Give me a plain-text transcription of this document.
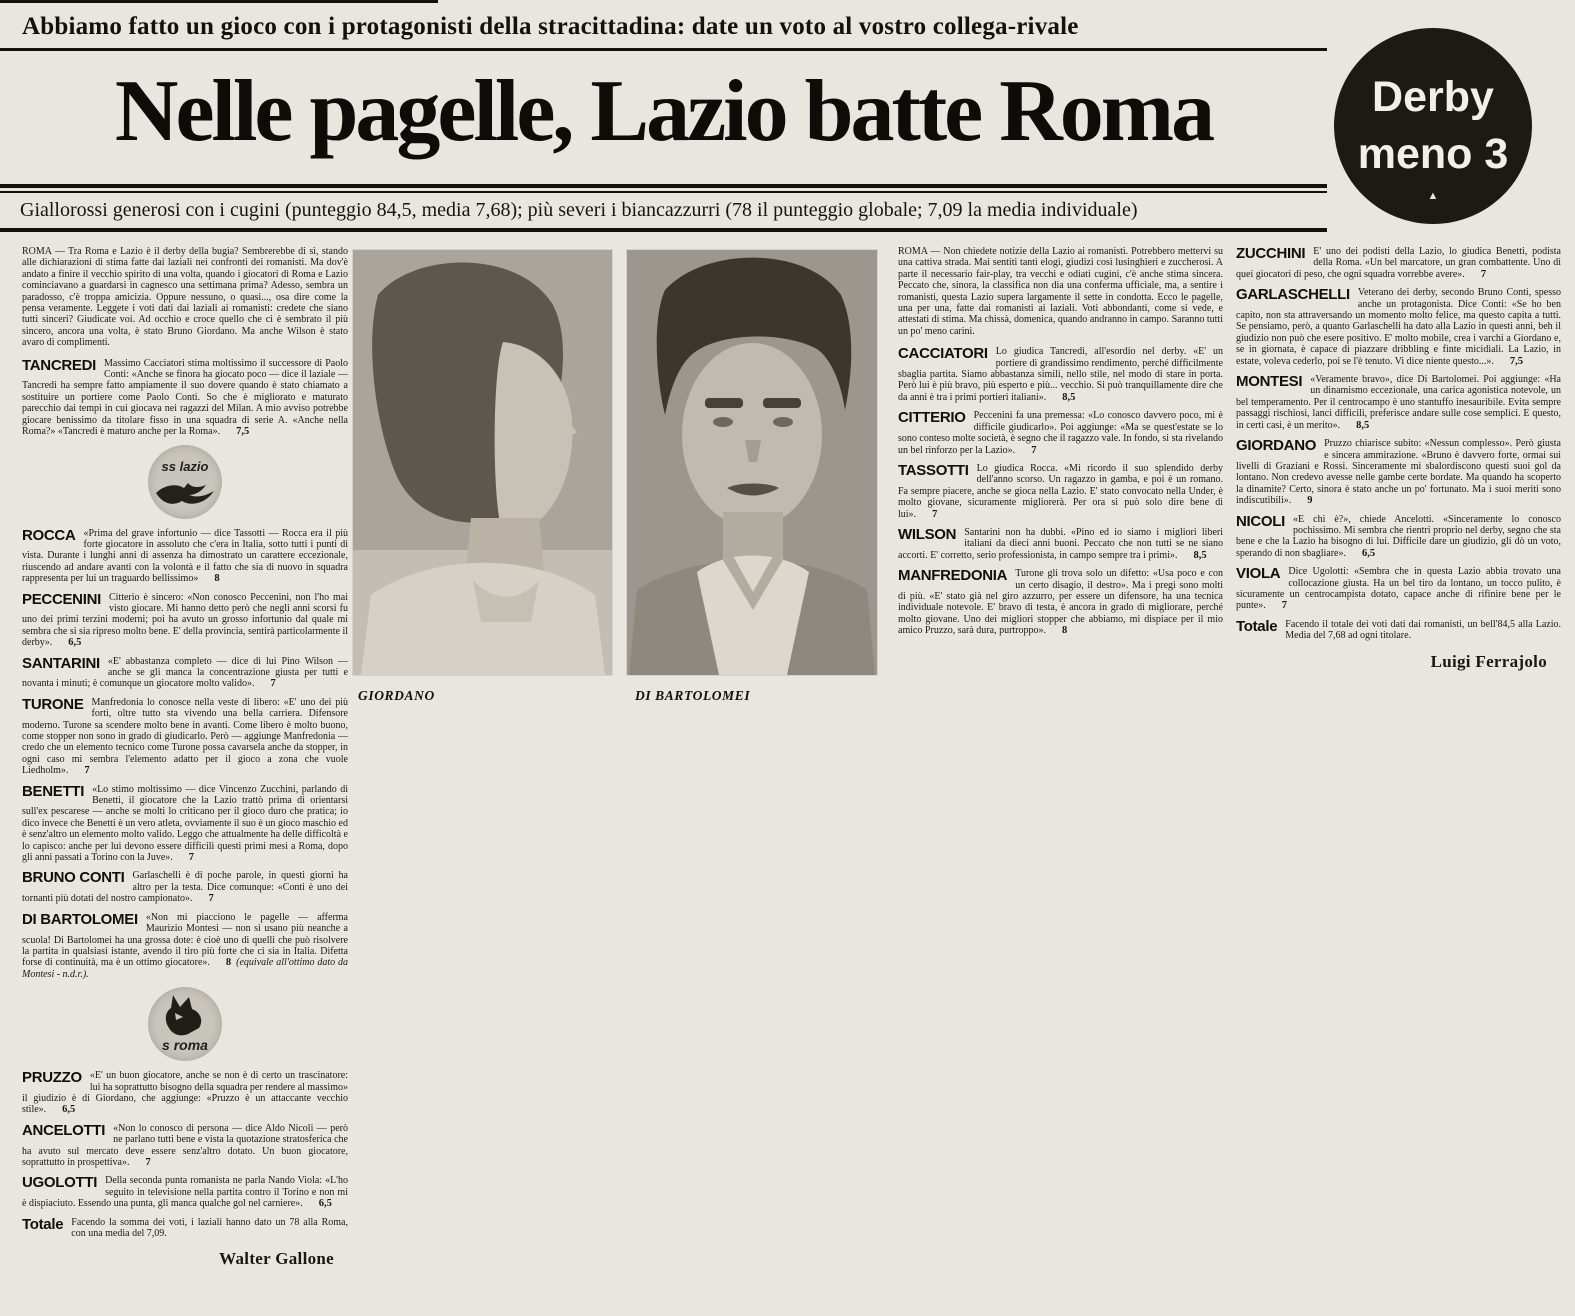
Abbiamo fatto un gioco con i protagonisti della stracittadina: date un voto al vostro collega-rivale
Nelle pagelle, Lazio batte Roma
Giallorossi generosi con i cugini (punteggio 84,5, media 7,68); più severi i biancazzurri (78 il punteggio globale; 7,09 la media individuale)
Derby
meno 3
▲

ROMA — Tra Roma e Lazio è il derby della bugia? Sembrerebbe di sì, stando alle dichiarazioni di stima fatte dai laziali nei confronti dei romanisti. Ma dov'è andato a finire il vecchio spirito di una volta, quando i giocatori di Roma e Lazio cominciavano a guardarsi in cagnesco una settimana prima? Adesso, sembra un paradosso, c'è troppa amicizia. Oppure nessuno, o quasi..., osa dire come la pensa veramente. Leggete i voti dati dai laziali ai romanisti: credete che siano tutti sinceri? Giudicate voi. Ad occhio e croce quello che ci è sembrato il più sincero, ancora una volta, è stato Bruno Giordano. Ma anche Wilson è stato avaro di complimenti.

TANCREDI Massimo Cacciatori stima moltissimo il successore di Paolo Conti: «Anche se finora ha giocato poco — dice il laziale — Tancredi ha sempre fatto ampiamente il suo dovere quando è stato chiamato a sostituire un portiere come Paolo Conti. So che è migliorato e maturato parecchio dai tempi in cui giocava nei ragazzi del Milan. A mio avviso potrebbe giocare benissimo da titolare fisso in una squadra di serie A. «Anche nella Roma?» «Tancredi è maturo anche per la Roma». 7,5
ss lazio
ROCCA «Prima del grave infortunio — dice Tassotti — Rocca era il più forte giocatore in assoluto che c'era in Italia, sotto tutti i punti di vista. Durante i lunghi anni di assenza ha dimostrato un carattere eccezionale, riuscendo ad andare avanti con la volontà e il fatto che sia di nuovo in squadra rappresenta per lui un traguardo bellissimo» 8
PECCENINI Citterio è sincero: «Non conosco Peccenini, non l'ho mai visto giocare. Mi hanno detto però che negli anni scorsi fu uno dei primi terzini moderni; poi ha avuto un grosso infortunio dal quale mi sembra che si sia ripreso molto bene. E' della provincia, sentirà particolarmente il derby». 6,5
SANTARINI «E' abbastanza completo — dice di lui Pino Wilson — anche se gli manca la concentrazione giusta per tutti e novanta i minuti; è comunque un giocatore molto valido». 7
TURONE Manfredonia lo conosce nella veste di libero: «E' uno dei più forti, oltre tutto sta vivendo una bella carriera. Difensore moderno. Turone sa scendere molto bene in avanti. Come libero è molto buono, come stopper non sono in grado di giudicarlo. Però — aggiunge Manfredonia — credo che un elemento tecnico come Turone possa cavarsela anche da stopper, in ogni caso mi sembra l'elemento adatto per il gioco a zona che vuole Liedholm». 7
BENETTI «Lo stimo moltissimo — dice Vincenzo Zucchini, parlando di Benetti, il giocatore che la Lazio trattò prima di orientarsi sull'ex pescarese — anche se molti lo criticano per il gioco duro che pratica; io dico invece che Benetti è un vero atleta, ovviamente il suo è un gioco maschio ed è senz'altro un elemento molto valido. Leggo che attualmente ha delle difficoltà e lo capisco: anche per lui devono essere difficili questi primi mesi a Roma, dopo gli anni passati a Torino con la Juve». 7
BRUNO CONTI Garlaschelli è di poche parole, in questi giorni ha altro per la testa. Dice comunque: «Conti è uno dei tornanti più dotati del nostro campionato». 7
DI BARTOLOMEI «Non mi piacciono le pagelle — afferma Maurizio Montesi — non si usano più neanche a scuola! Di Bartolomei ha una grossa dote: è cioè uno di quelli che può risolvere la partita in qualsiasi istante, avendo il tiro più forte che ci sia in Italia. Difetta forse di continuità, ma è un ottimo giocatore». 8 (equivale all'ottimo dato da Montesi - n.d.r.).
s roma
PRUZZO «E' un buon giocatore, anche se non è di certo un trascinatore: lui ha soprattutto bisogno della squadra per rendere al massimo» il giudizio è di Giordano, che aggiunge: «Pruzzo è un attaccante vecchio stile». 6,5
ANCELOTTI «Non lo conosco di persona — dice Aldo Nicoli — però ne parlano tutti bene e vista la quotazione stratosferica che ha avuto sul mercato deve essere senz'altro dotato. Un buon giocatore, soprattutto in prospettiva». 7
UGOLOTTI Della seconda punta romanista ne parla Nando Viola: «L'ho seguito in televisione nella partita contro il Torino e non mi è dispiaciuto. Essendo una punta, gli manca qualche gol nel carniere». 6,5
Totale Facendo la somma dei voti, i laziali hanno dato un 78 alla Roma, con una media del 7,09.
Walter Gallone
GIORDANO	DI BARTOLOMEI

ROMA — Non chiedete notizie della Lazio ai romanisti. Potrebbero mettervi su una cattiva strada. Mai sentiti tanti elogi, giudizi così lusinghieri e zuccherosi. A parte il necessario fair-play, tra vecchi e odiati cugini, c'è anche stima sincera. Peccato che, sinora, la classifica non dia una conferma ufficiale, ma, a sentire i romanisti, questa Lazio supera largamente il sette in condotta. Ecco le pagelle, una per una, fatte dai romanisti ai laziali. Voti abbondanti, come si vede, e attestati di stima. Ma chissà, domenica, quando andranno in campo. Saranno tutti un po' meno carini.

CACCIATORI Lo giudica Tancredi, all'esordio nel derby. «E' un portiere di grandissimo rendimento, perché difficilmente sbaglia partita. Siamo abbastanza simili, nello stile, nel modo di stare in porta. Però lui è più bravo, più esperto e più... vecchio. Si può tranquillamente dire che da anni è tra i primi portieri italiani». 8,5
CITTERIO Peccenini fa una premessa: «Lo conosco davvero poco, mi è difficile giudicarlo». Poi aggiunge: «Ma se quest'estate se lo sono conteso molte società, è segno che il ragazzo vale. In fondo, si sta rivelando un bel rinforzo per la Lazio». 7
TASSOTTI Lo giudica Rocca. «Mi ricordo il suo splendido derby dell'anno scorso. Un ragazzo in gamba, e poi è un romano. Fa sempre piacere, anche se gioca nella Lazio. E' stato convocato nella Under, è molto giovane, sicuramente migliorerà. Per ora si può solo dire bene di lui». 7
WILSON Santarini non ha dubbi. «Pino ed io siamo i migliori liberi italiani da dieci anni buoni. Peccato che non tutti se ne siano accorti. E' corretto, serio professionista, in campo sempre tra i primi». 8,5
MANFREDONIA Turone gli trova solo un difetto: «Usa poco e con un certo disagio, il destro». Ma i pregi sono molti di più. «E' stato già nel giro azzurro, per essere un difensore, ha una tecnica individuale notevole. E' bravo di testa, è ancora in grado di migliorare, perché molto giovane. Uno dei migliori stopper che abbiamo, mi dispiace per il mio amico Pruzzo, sarà dura, purtroppo». 8
ZUCCHINI E' uno dei podisti della Lazio, lo giudica Benetti, podista della Roma. «Un bel marcatore, un gran combattente. Uno di quei giocatori di peso, che ogni squadra vorrebbe avere». 7
GARLASCHELLI Veterano dei derby, secondo Bruno Conti, spesso anche un protagonista. Dice Conti: «Se ho ben capito, non sta attraversando un momento molto felice, ma questo capita a tutti. Se pensiamo, però, a quanto Garlaschelli ha dato alla Lazio in questi anni, beh il giudizio non può che esere positivo. E' molto mobile, crea i varchi a Giordano e, se in giornata, è capace di piazzare dribbling e finte micidiali. La Lazio, in estate, voleva cederlo, poi se l'è tenuto. Vi dice niente questo...». 7,5
MONTESI «Veramente bravo», dice Di Bartolomei. Poi aggiunge: «Ha un dinamismo eccezionale, una carica agonistica notevole, un bel temperamento. Per il centrocampo è uno stantuffo inesauribile. Evita sempre passaggi rischiosi, lanci difficili, preferisce andare sulle cose semplici. E questo, in certi casi, è un merito». 8,5
GIORDANO Pruzzo chiarisce subito: «Nessun complesso». Però giusta e sincera ammirazione. «Bruno è davvero forte, ormai sui livelli di Graziani e Rossi. Sinceramente mi sbalordiscono questi suoi gol da lontano. Non credevo avesse nelle gambe certe bordate. Ma quando ha scoperto la dinamite? Certo, sinora è stato anche un po' fortunato. Ma i suoi meriti sono indiscutibili». 9
NICOLI «E chi è?», chiede Ancelotti. «Sinceramente lo conosco pochissimo. Mi sembra che rientri proprio nel derby, segno che sta bene e che la Lazio ha bisogno di lui. Difficile dare un giudizio, gli dò un voto, sperando di non sbagliare». 6,5
VIOLA Dice Ugolotti: «Sembra che in questa Lazio abbia trovato una collocazione giusta. Ha un bel tiro da lontano, un tocco pulito, è sicuramente un centrocampista dotato, capace anche di rifinire bene per le punte». 7
Totale Facendo il totale dei voti dati dai romanisti, un bell'84,5 alla Lazio. Media del 7,68 ad ogni titolare.
Luigi Ferrajolo
